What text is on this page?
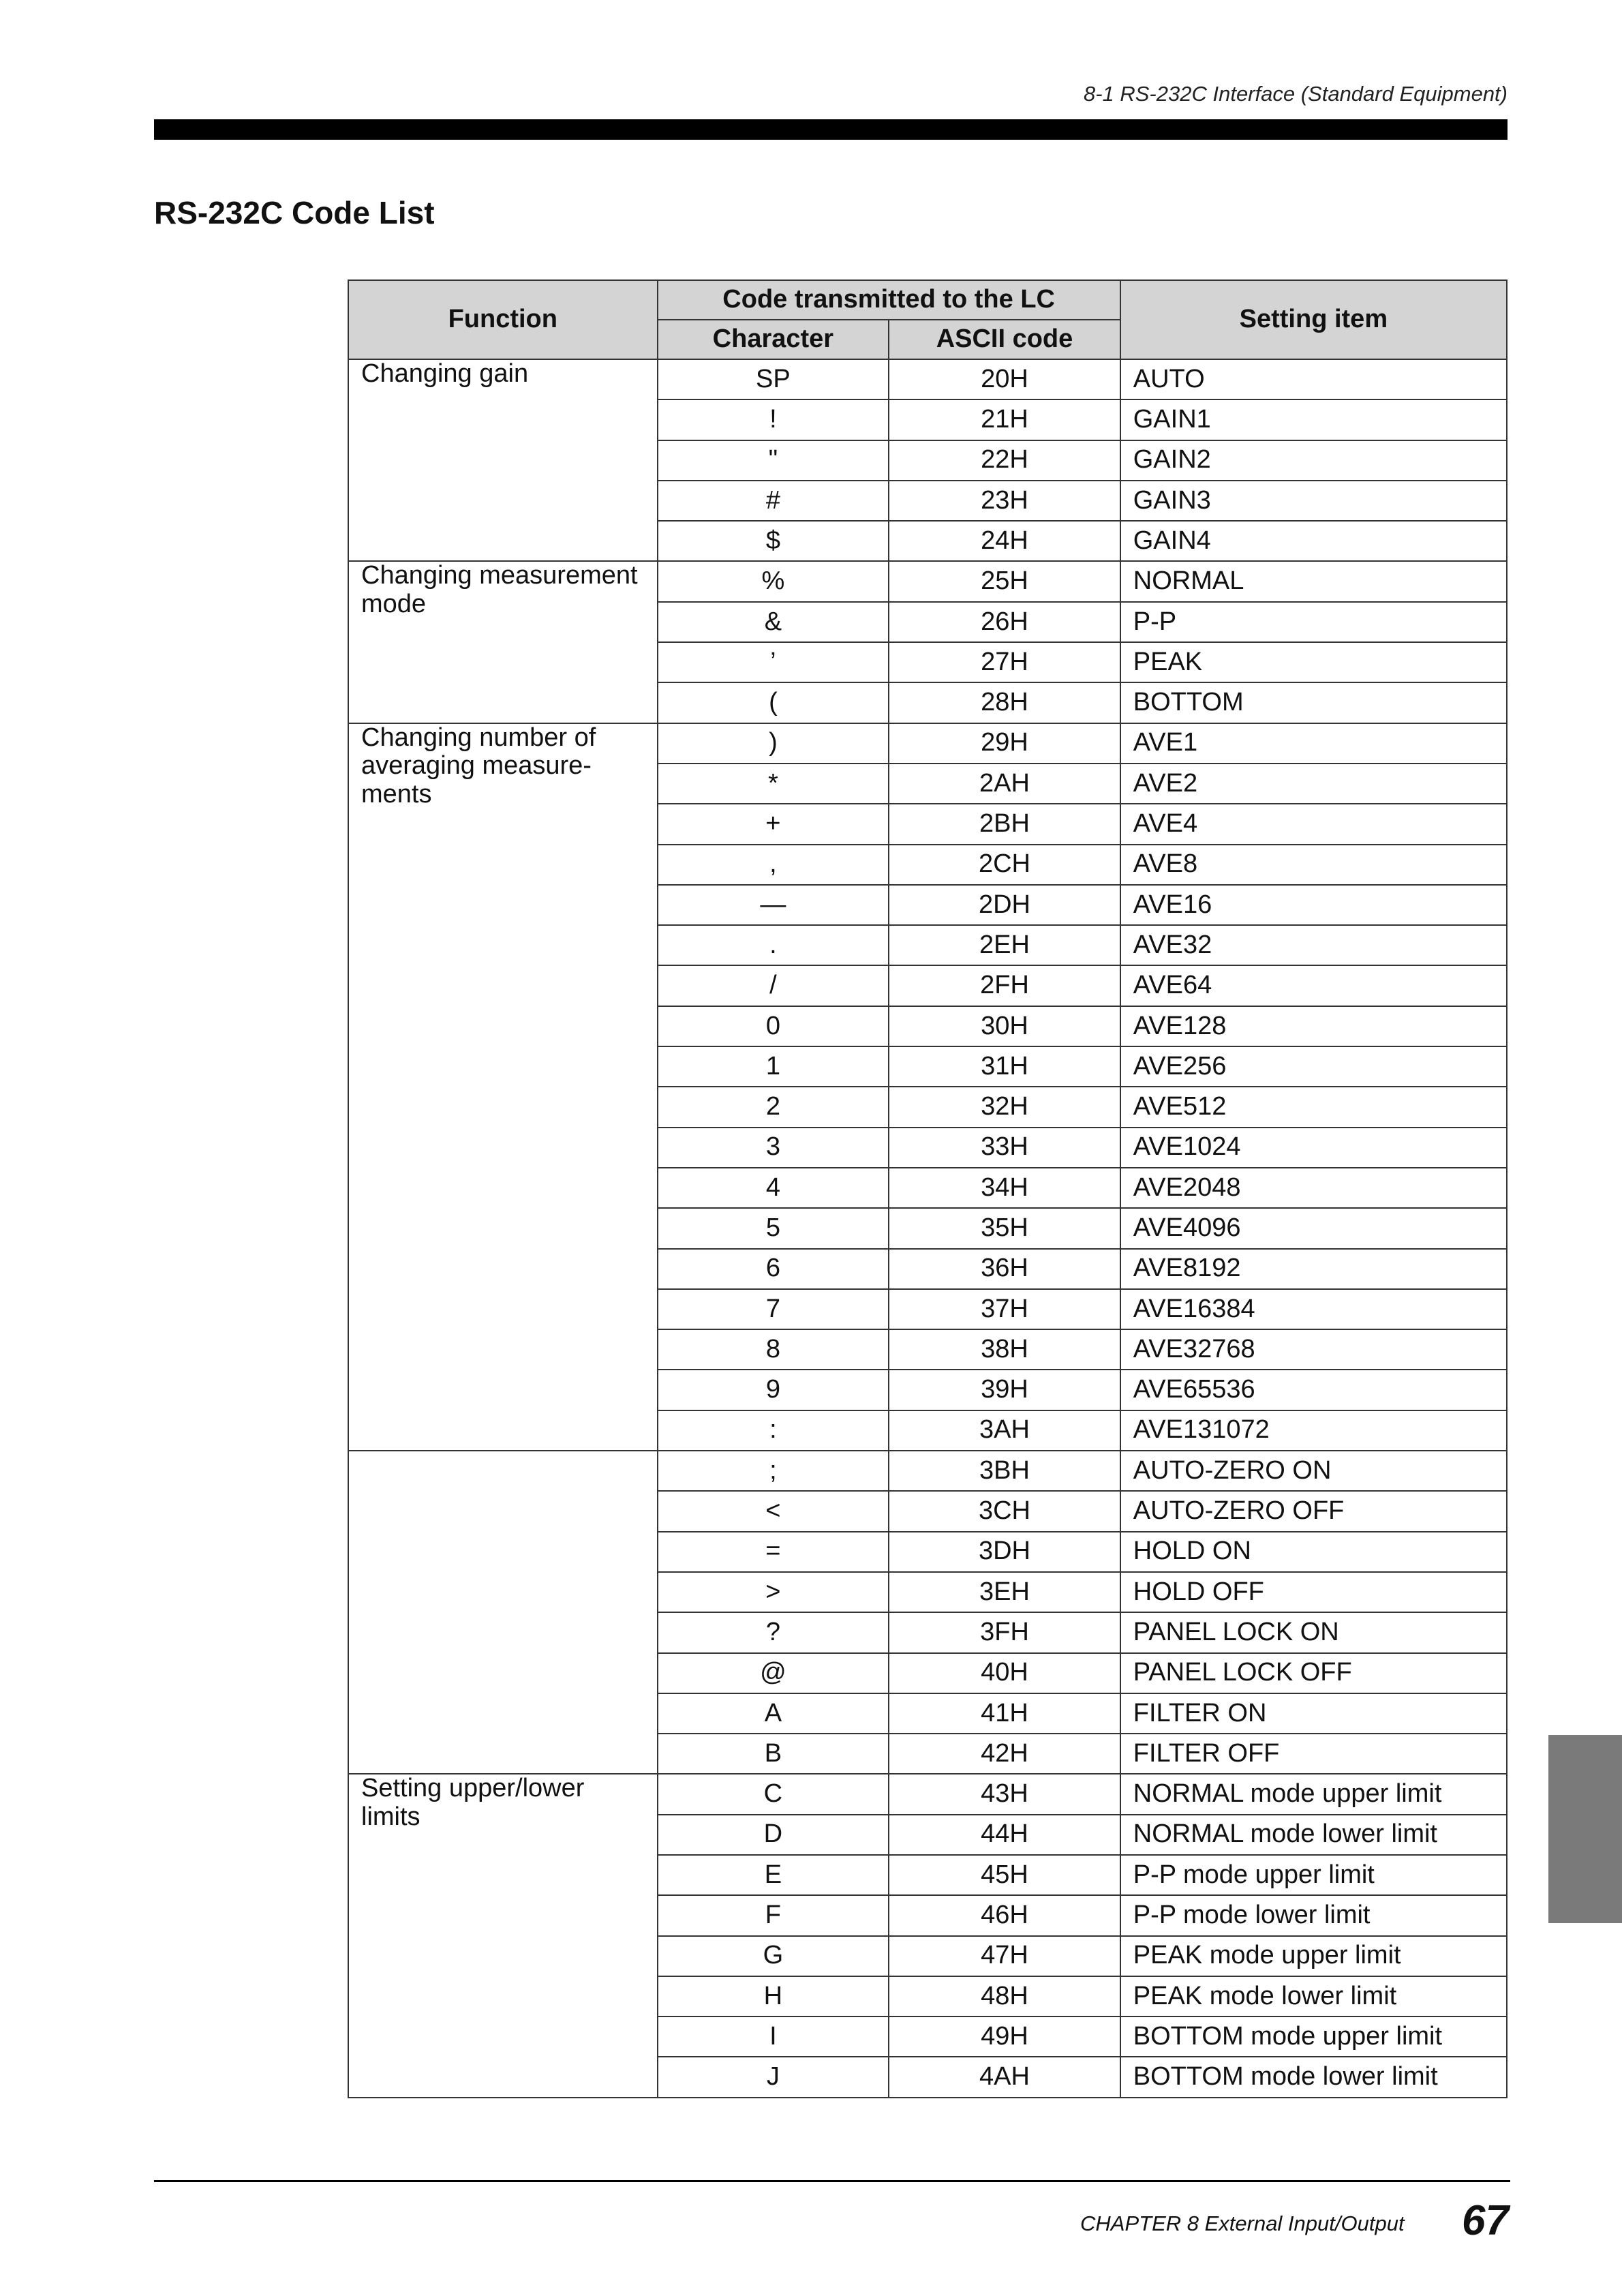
8-1 RS-232C Interface (Standard Equipment)
RS-232C Code List
Function	Code transmitted to the LC		Setting item
	Character	ASCII code	
Changing gain	SP	20H	AUTO
	!	21H	GAIN1
	"	22H	GAIN2
	#	23H	GAIN3
	$	24H	GAIN4
Changing measurement mode	%	25H	NORMAL
	&	26H	P-P
	’	27H	PEAK
	(	28H	BOTTOM
Changing number of averaging measure-ments	)	29H	AVE1
	*	2AH	AVE2
	+	2BH	AVE4
	,	2CH	AVE8
	—	2DH	AVE16
	.	2EH	AVE32
	/	2FH	AVE64
	0	30H	AVE128
	1	31H	AVE256
	2	32H	AVE512
	3	33H	AVE1024
	4	34H	AVE2048
	5	35H	AVE4096
	6	36H	AVE8192
	7	37H	AVE16384
	8	38H	AVE32768
	9	39H	AVE65536
	:	3AH	AVE131072
	;	3BH	AUTO-ZERO ON
	<	3CH	AUTO-ZERO OFF
	=	3DH	HOLD ON
	>	3EH	HOLD OFF
	?	3FH	PANEL LOCK ON
	@	40H	PANEL LOCK OFF
	A	41H	FILTER ON
	B	42H	FILTER OFF
Setting upper/lower limits	C	43H	NORMAL mode upper limit
	D	44H	NORMAL mode lower limit
	E	45H	P-P mode upper limit
	F	46H	P-P mode lower limit
	G	47H	PEAK mode upper limit
	H	48H	PEAK mode lower limit
	I	49H	BOTTOM mode upper limit
	J	4AH	BOTTOM mode lower limit
CHAPTER 8 External Input/Output 67
